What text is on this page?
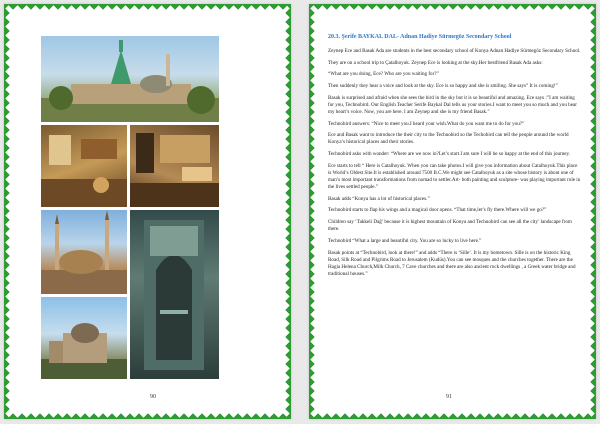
90
20.3. Şerife BAYKAL DAL- Adnan Hadiye Sürmegöz Secondary School

Zeynep Ece and Basak Ada are students in the best secondary school of Konya Adnan Hadiye Sürmegöz Secondary School.

They are on a school trip to Çatalhoyuk. Zeynep Ece is looking at the sky.Her bestfriend Basak Ada asks:

“What are you doing, Ece? Who are you waiting for?”

Then suddenly they hear a voice and look at the sky. Ece is so happy and she is smiling. She says” It is coming!”

Basak is surprised and afraid when she sees the bird in the sky but it is so beautiful and amazing. Ece says :”I am waiting for you, Technobird. Our English Teacher Serife Baykal Dal tells us your stories.I want to meet you so much and you hear my heart’s voice. Now, you are here. I am Zeynep and she is my friend Basak.”

Technobird answers: “Nice to meet you.I heard your wish.What do you want me to do for you?”

Ece and Basak want to introduce the their city to the Technobird so the Techobird can tell the people around the world Konya’s historical places and their stories.

Technobird asks with wonder: “Where are we now in?Let’s start.I am sure I will be so happy at the end of this journey.

Ece starts to tell “ Here is Catalhoyuk. When you can take photos.I will give you information about Catalhoyuk.This place is World’s Oldest Site.It is established around 7500 B.C.We might see Catalhoyuk as a site whose history is about one of man’s most important transformations from nomad to settler.Art- both painting and sculpture- was playing important role in the lives settled people.”

Basak adds “Konya has a lot of historical places.”

Technobird starts to flap his wings and a magical door opens. “That time,let’s fly there.Where will we go?”

Children say ‘Takkeli Dağ’ because it is highest mountain of Konya and Technobird can see all the city’ landscape from there.

Technobird “What a large and beautiful city. You are so lucky to live here.”

Basak points at “Technobird, look at there!” and adds “There is ‘Sille’. It is my hometown. Sille is on the historic King Road, Silk Road and Pilgrims Road to Jerusalem (Kudüs).You can see mosques and the churches together. There are the Hagia Helena Church,Milk Church, 7 Cave churches and there are also ancient rock dwellings , a Greek water bridge and traditional houses.”

91
